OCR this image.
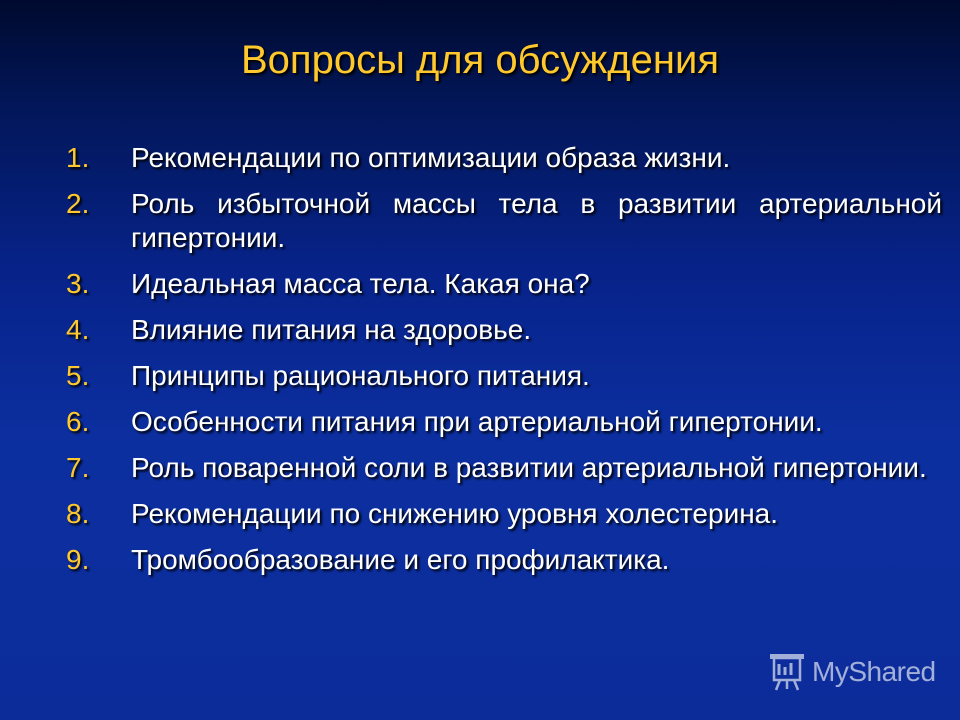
Вопросы для обсуждения
1.	Рекомендации по оптимизации образа жизни.
2.	Роль избыточной массы тела в развитии артериальной гипертонии.
3.	Идеальная масса тела. Какая она?
4.	Влияние питания на здоровье.
5.	Принципы рационального питания.
6.	Особенности питания при артериальной гипертонии.
7.	Роль поваренной соли в развитии артериальной гипертонии.
8.	Рекомендации по снижению уровня холестерина.
9.	Тромбообразование и его профилактика.
MyShared
